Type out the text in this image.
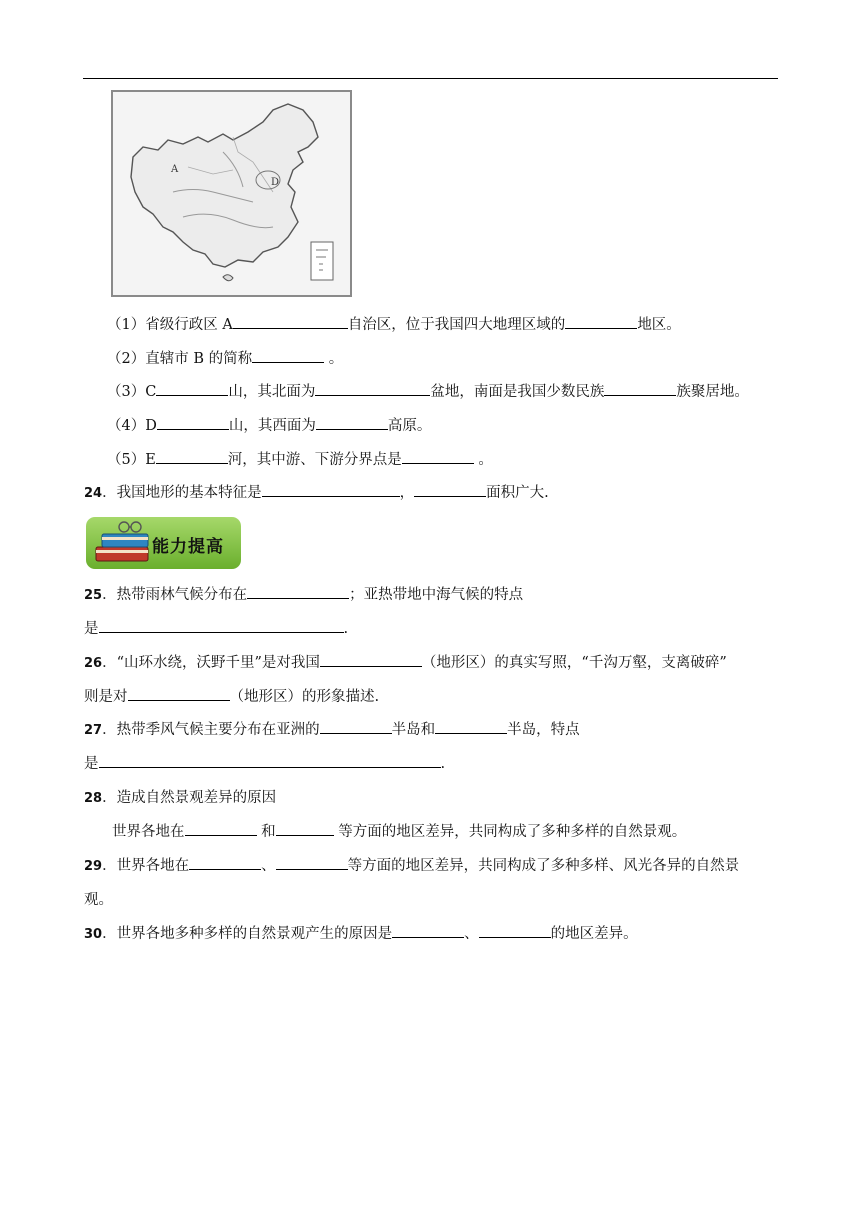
A
D
（1）省级行政区 A	自治区，位于我国四大地理区域的	地区。
（2）直辖市 B 的简称	。
（3）C	山，其北面为	盆地，南面是我国少数民族	族聚居地。
（4）D	山，其西面为	高原。
（5）E	河，其中游、下游分界点是	。
24．我国地形的基本特征是	，	面积广大.
能力提高
25．热带雨林气候分布在	；亚热带地中海气候的特点
是	.
26．“山环水绕，沃野千里”是对我国	（地形区）的真实写照，“千沟万壑，支离破碎”
则是对	（地形区）的形象描述.
27．热带季风气候主要分布在亚洲的	半岛和	半岛，特点
是	.
28．造成自然景观差异的原因
世界各地在	和	等方面的地区差异，共同构成了多种多样的自然景观。
29．世界各地在	、	等方面的地区差异，共同构成了多种多样、风光各异的自然景
观。
30．世界各地多种多样的自然景观产生的原因是	、	的地区差异。
